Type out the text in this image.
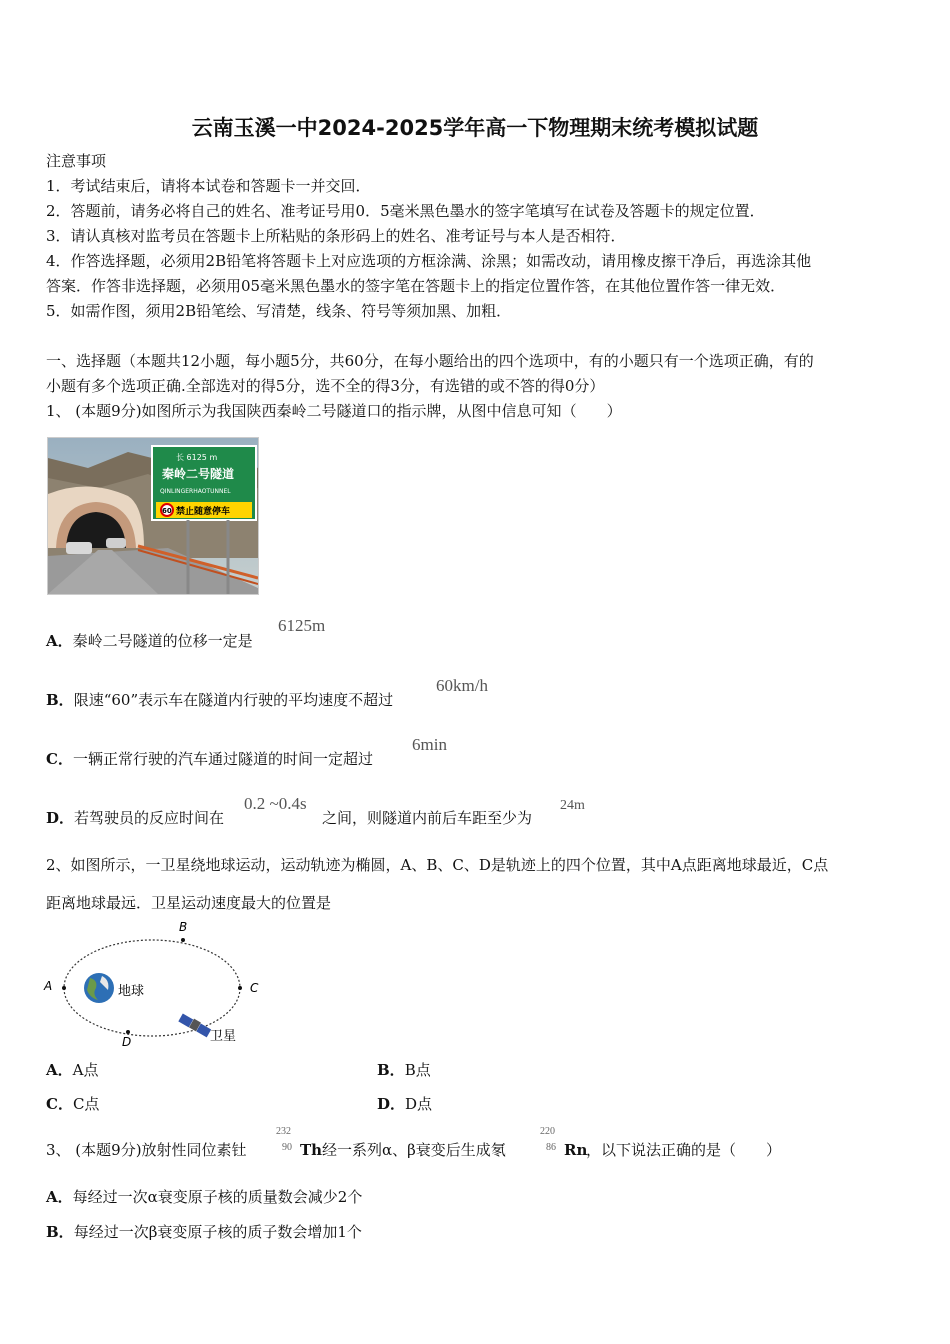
云南玉溪一中2024-2025学年高一下物理期末统考模拟试题
注意事项
1．考试结束后，请将本试卷和答题卡一并交回．
2．答题前，请务必将自己的姓名、准考证号用0．5毫米黑色墨水的签字笔填写在试卷及答题卡的规定位置．
3．请认真核对监考员在答题卡上所粘贴的条形码上的姓名、准考证号与本人是否相符．
4．作答选择题，必须用2B铅笔将答题卡上对应选项的方框涂满、涂黑；如需改动，请用橡皮擦干净后，再选涂其他
答案．作答非选择题，必须用05毫米黑色墨水的签字笔在答题卡上的指定位置作答，在其他位置作答一律无效．
5．如需作图，须用2B铅笔绘、写清楚，线条、符号等须加黑、加粗．
一、选择题（本题共12小题，每小题5分，共60分，在每小题给出的四个选项中，有的小题只有一个选项正确，有的
小题有多个选项正确.全部选对的得5分，选不全的得3分，有选错的或不答的得0分）
1、 (本题9分)如图所示为我国陕西秦岭二号隧道口的指示牌，从图中信息可知（　　）
长 6125 m
秦岭二号隧道
QINLINGERHAOTUNNEL
60 禁止随意停车
A．秦岭二号隧道的位移一定是
6125m
B．限速“60”表示车在隧道内行驶的平均速度不超过
60km/h
C．一辆正常行驶的汽车通过隧道的时间一定超过
6min
D．若驾驶员的反应时间在
0.2 ~0.4s
之间，则隧道内前后车距至少为
24m
2、如图所示，一卫星绕地球运动，运动轨迹为椭圆，A、B、C、D是轨迹上的四个位置，其中A点距离地球最近，C点
距离地球最远．卫星运动速度最大的位置是
A
B
C
D
地球
卫星
A．A点	B．B点
C．C点	D．D点
3、 (本题9分)放射性同位素钍
232
90 Th 经一系列α、β衰变后生成氡
220
86 Rn
，以下说法正确的是（　　）
A．每经过一次α衰变原子核的质量数会减少2个
B．每经过一次β衰变原子核的质子数会增加1个
